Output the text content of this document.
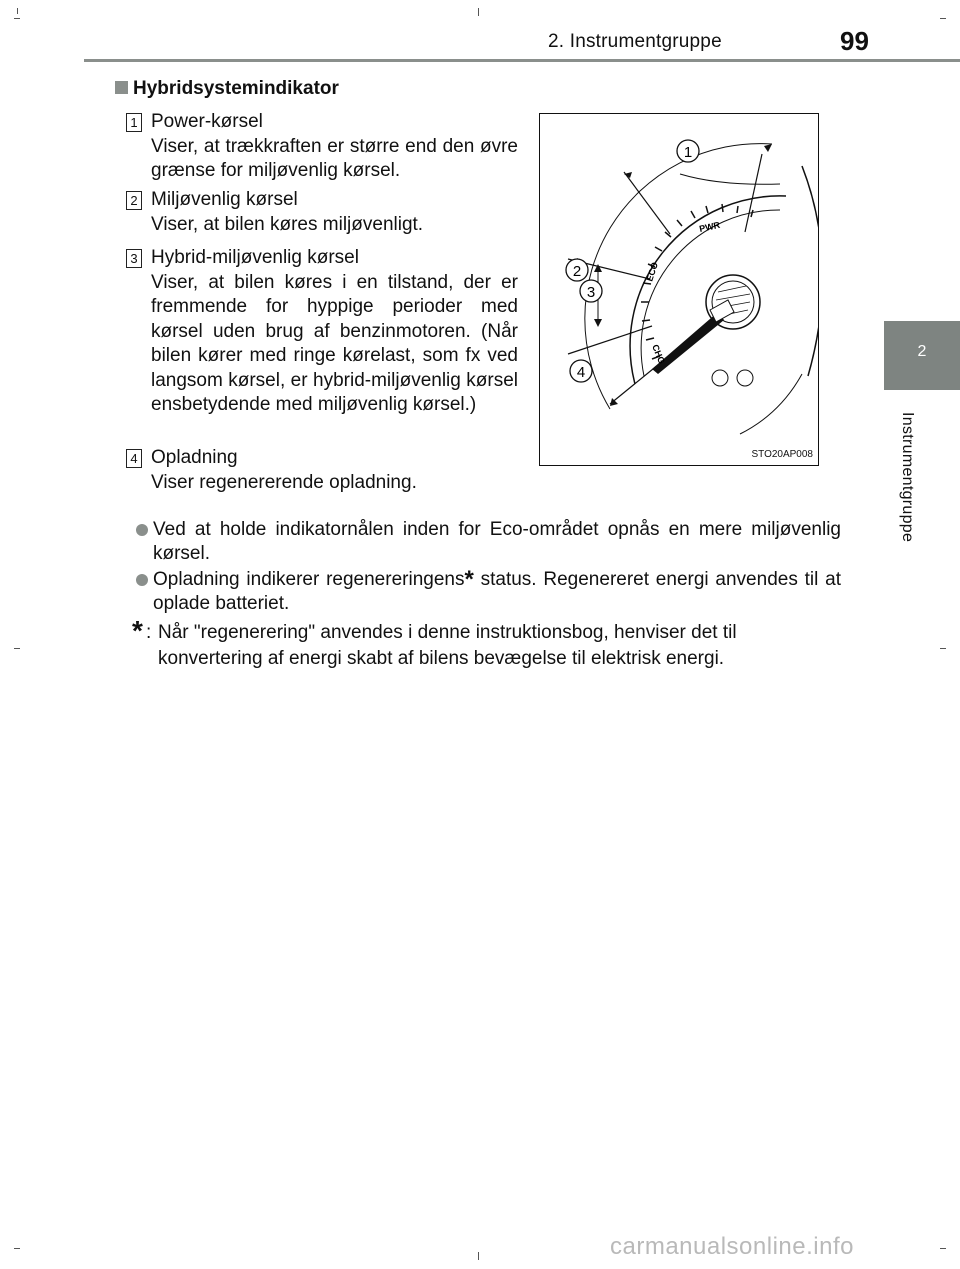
2. Instrumentgruppe	99
2
Instrumentgruppe
Hybridsystemindikator
1 Power-kørsel
Viser, at trækkraften er større end den øvre grænse for miljøvenlig kørsel.
2 Miljøvenlig kørsel
Viser, at bilen køres miljøvenligt.
3 Hybrid-miljøvenlig kørsel
Viser, at bilen køres i en tilstand, der er fremmende for hyppige perioder med kørsel uden brug af benzinmotoren. (Når bilen kører med ringe kørelast, som fx ved langsom kørsel, er hybrid-miljøvenlig kørsel ensbetydende med miljøvenlig kørsel.)
4 Opladning
Viser regenererende opladning.
PWR
ECO
CHG
1
2
3
4
STO20AP008
Ved at holde indikatornålen inden for Eco-området opnås en mere miljøvenlig kørsel.
Opladning indikerer regenereringens* status. Regenereret energi anvendes til at oplade batteriet.
* : Når "regenerering" anvendes i denne instruktionsbog, henviser det til
konvertering af energi skabt af bilens bevægelse til elektrisk energi.
carmanualsonline.info
